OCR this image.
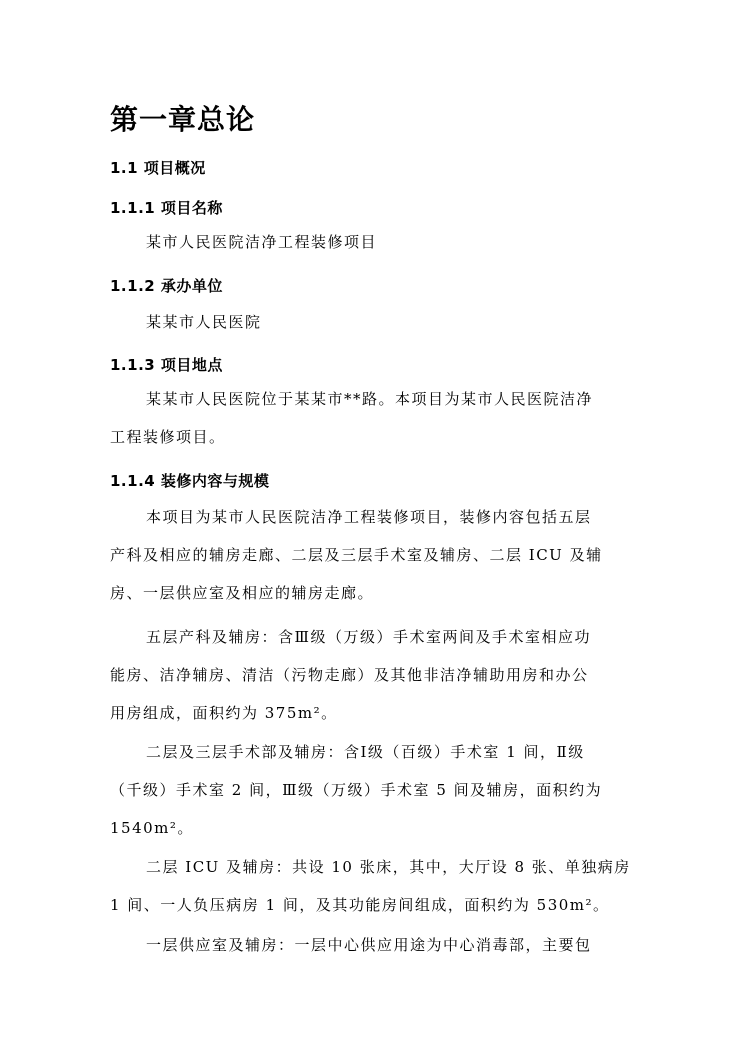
第一章总论
1.1 项目概况
1.1.1 项目名称

某市人民医院洁净工程装修项目

1.1.2 承办单位

某某市人民医院

1.1.3 项目地点

某某市人民医院位于某某市**路。本项目为某市人民医院洁净
工程装修项目。

1.1.4 装修内容与规模

本项目为某市人民医院洁净工程装修项目，装修内容包括五层
产科及相应的辅房走廊、二层及三层手术室及辅房、二层 ICU 及辅
房、一层供应室及相应的辅房走廊。

五层产科及辅房：含Ⅲ级（万级）手术室两间及手术室相应功
能房、洁净辅房、清洁（污物走廊）及其他非洁净辅助用房和办公
用房组成，面积约为 375m²。

二层及三层手术部及辅房：含Ⅰ级（百级）手术室 1 间，Ⅱ级
（千级）手术室 2 间，Ⅲ级（万级）手术室 5 间及辅房，面积约为
1540m²。

二层 ICU 及辅房：共设 10 张床，其中，大厅设 8 张、单独病房
1 间、一人负压病房 1 间，及其功能房间组成，面积约为 530m²。

一层供应室及辅房：一层中心供应用途为中心消毒部，主要包
